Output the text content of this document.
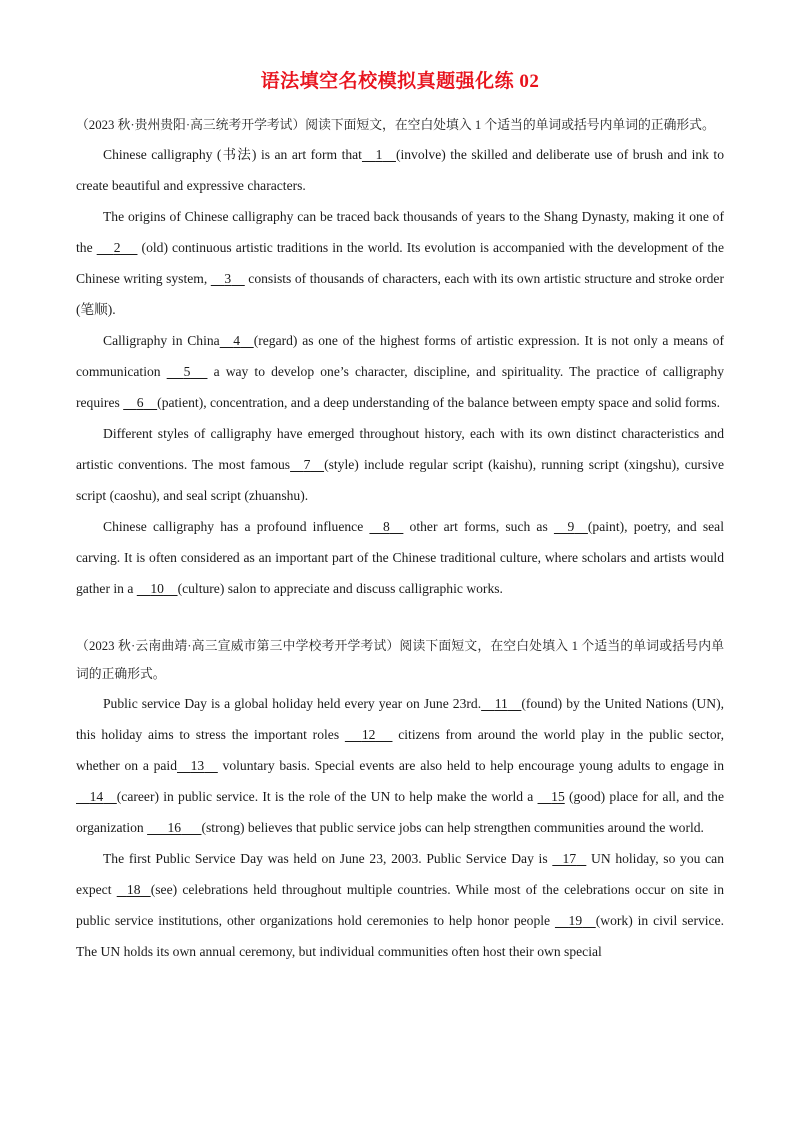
语法填空名校模拟真题强化练 02

（2023 秋·贵州贵阳·高三统考开学考试）阅读下面短文，在空白处填入 1 个适当的单词或括号内单词的正确形式。

Chinese calligraphy (书法) is an art form that 1 (involve) the skilled and deliberate use of brush and ink to create beautiful and expressive characters.

The origins of Chinese calligraphy can be traced back thousands of years to the Shang Dynasty, making it one of the      2      (old) continuous artistic traditions in the world. Its evolution is accompanied with the development of the Chinese writing system,     3     consists of thousands of characters, each with its own artistic structure and stroke order (笔顺).

Calligraphy in China 4 (regard) as one of the highest forms of artistic expression. It is not only a means of communication      5      a way to develop one’s character, discipline, and spirituality. The practice of calligraphy requires     6 (patient), concentration, and a deep understanding of the balance between empty space and solid forms.

Different styles of calligraphy have emerged throughout history, each with its own distinct characteristics and artistic conventions. The most famous 7 (style) include regular script (kaishu), running script (xingshu), cursive script (caoshu), and seal script (zhuanshu).

Chinese calligraphy has a profound influence     8     other art forms, such as     9 (paint), poetry, and seal carving. It is often considered as an important part of the Chinese traditional culture, where scholars and artists would gather in a     10 (culture) salon to appreciate and discuss calligraphic works.

（2023 秋·云南曲靖·高三宣威市第三中学校考开学考试）阅读下面短文，在空白处填入 1 个适当的单词或括号内单词的正确形式。

Public service Day is a global holiday held every year on June 23rd. 11 (found) by the United Nations (UN), this holiday aims to stress the important roles      12      citizens from around the world play in the public sector, whether on a paid 13     voluntary basis. Special events are also held to help encourage young adults to engage in     14 (career) in public service. It is the role of the UN to help make the world a     15 (good) place for all, and the organization       16 (strong) believes that public service jobs can help strengthen communities around the world.

The first Public Service Day was held on June 23, 2003. Public Service Day is    17    UN holiday, so you can expect    18 (see) celebrations held throughout multiple countries. While most of the celebrations occur on site in public service institutions, other organizations hold ceremonies to help honor people     19 (work) in civil service. The UN holds its own annual ceremony, but individual communities often host their own special
